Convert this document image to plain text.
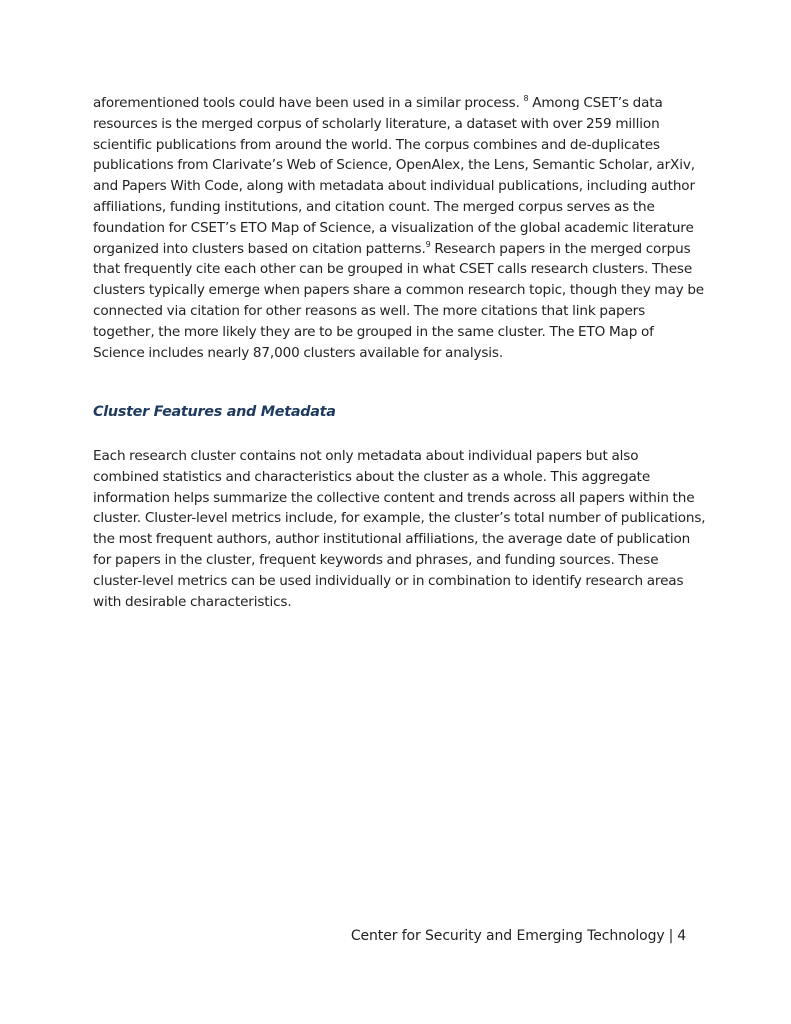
aforementioned tools could have been used in a similar process. $^8$ Among CSET’s data resources is the merged corpus of scholarly literature, a dataset with over 259 million scientific publications from around the world. The corpus combines and de-duplicates publications from Clarivate’s Web of Science, OpenAlex, the Lens, Semantic Scholar, arXiv, and Papers With Code, along with metadata about individual publications, including author affiliations, funding institutions, and citation count. The merged corpus serves as the foundation for CSET’s ETO Map of Science, a visualization of the global academic literature organized into clusters based on citation patterns.$^9$ Research papers in the merged corpus that frequently cite each other can be grouped in what CSET calls research clusters. These clusters typically emerge when papers share a common research topic, though they may be connected via citation for other reasons as well. The more citations that link papers together, the more likely they are to be grouped in the same cluster. The ETO Map of Science includes nearly 87,000 clusters available for analysis.

Cluster Features and Metadata

Each research cluster contains not only metadata about individual papers but also combined statistics and characteristics about the cluster as a whole. This aggregate information helps summarize the collective content and trends across all papers within the cluster. Cluster-level metrics include, for example, the cluster’s total number of publications, the most frequent authors, author institutional affiliations, the average date of publication for papers in the cluster, frequent keywords and phrases, and funding sources. These cluster-level metrics can be used individually or in combination to identify research areas with desirable characteristics.

Center for Security and Emerging Technology | 4
